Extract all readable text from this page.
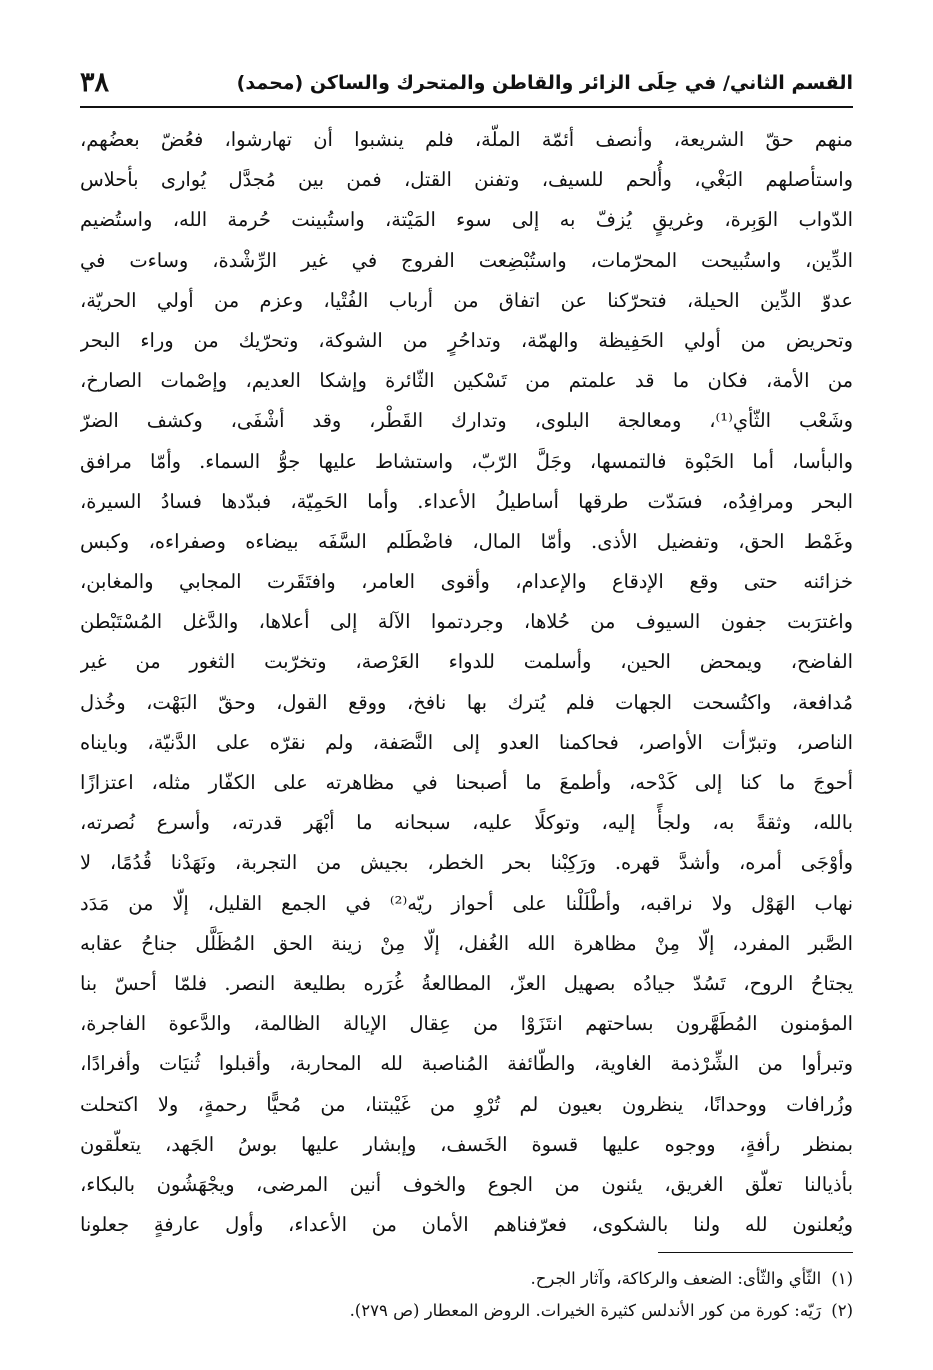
القسم الثاني/ في حِلَى الزائر والقاطن والمتحرك والساكن (محمد)
٣٨
منهم حقّ الشريعة، وأنصف أئمّة الملّة، فلم ينشبوا أن تهارشوا، فعُضّ بعضُهم،
واستأصلهم البَغْي، وأُلحم للسيف، وتفنن القتل، فمن بين مُجدَّل يُوارى بأحلاس
الدّواب الوَبِرة، وغريقٍ يُزفّ به إلى سوء المَيْتة، واستُبينت حُرمة الله، واستُضيم
الدِّين، واستُبيحت المحرّمات، واستُبْضِعت الفروج في غير الرِّشْدة، وساءت في
عدوّ الدِّين الحيلة، فتحرّكنا عن اتفاق من أرباب الفُتْيا، وعزم من أولي الحريّة،
وتحريض من أولي الحَفِيظة والهمّة، وتداحُرٍ من الشوكة، وتحرّيك من وراء البحر
من الأمة، فكان ما قد علمتم من تَسْكين الثّائرة وإشكا العديم، وإصْمات الصارخ،
وشَعْب الثّأي⁽¹⁾، ومعالجة البلوى، وتدارك القَطْر، وقد أشْفَى، وكشف الضرّ
والبأسا، أما الحَبْوة فالتمسها، وجَلَّ الرّبّ، واستشاط عليها جوُّ السماء. وأمّا مرافق
البحر ومرافِدُه، فسَدّت طرقها أساطيلُ الأعداء. وأما الحَمِيّة، فبدّدها فسادُ السيرة،
وغَمْط الحق، وتفضيل الأذى. وأمّا المال، فاضْطَلم السَّفَه بيضاءه وصفراءه، وكبس
خزائنه حتى وقع الإدقاع والإعدام، وأقوى العامر، وافتَقَرت المجابي والمغابن،
واغترَبت جفون السيوف من حُلاها، وجردتموا الآلة إلى أعلاها، والدَّغل المُسْتَبْطن
الفاضح، ويمحض الحين، وأسلمت للدواء العَرْصة، وتخرّبت الثغور من غير
مُدافعة، واكتُسحت الجهات فلم يُترك بها نافخ، ووقع القول، وحقّ البَهْت، وخُذل
الناصر، وتبرّأت الأواصر، فحاكمنا العدو إلى النَّصَفة، ولم نقرّه على الدَّنيّة، وبايناه
أحوجَ ما كنا إلى كَدْحه، وأطمعَ ما أصبحنا في مظاهرته على الكفّار مثله، اعتزازًا
بالله، وثقةً به، ولجأً إليه، وتوكلًا عليه، سبحانه ما أبْهَر قدرته، وأسرع نُصرته،
وأوْجَى أمره، وأشدَّ قهره. ورَكِبْنا بحر الخطر، بجيش من التجربة، ونَهَدْنا قُدُمًا، لا
نهاب الهَوْل ولا نراقبه، وأطْلَلْنا على أحواز ريّه⁽²⁾ في الجمع القليل، إلّا من مَدَد
الصَّبر المفرد، إلّا مِنْ مظاهرة الله الغُفل، إلّا مِنْ زينة الحق المُظَلَّل جناحُ عقابه
يجتاحُ الروح، تَسُدّ جيادُه بصهيل العزّ، المطالعةُ غُرَره بطليعة النصر. فلمّا أحسّ بنا
المؤمنون المُطَهَّرون بساحتهم انتَزَوْا من عِقال الإيالة الظالمة، والدَّعوة الفاجرة،
وتبرأوا من الشِّرْذمة الغاوية، والطّائفة المُناصبة لله المحاربة، وأقبلوا ثُنيَات وأفرادًا،
وزُرافات ووحدانًا، ينظرون بعيون لم تُرْوِ من غَيْبتنا، من مُحيًّا رحمةٍ، ولا اكتحلت
بمنظر رأفةٍ، ووجوه عليها قسوة الخَسف، وإبشار عليها بوسُ الجَهد، يتعلّقون
بأذيالنا تعلّق الغريق، يئنون من الجوع والخوف أنين المرضى، ويجْهَشُون بالبكاء،
ويُعلنون لله ولنا بالشكوى، فعرّفناهم الأمان من الأعداء، وأول عارفةٍ جعلونا
(١)الثّأي والثّأى: الضعف والركاكة، وآثار الجرح.
(٢)رَيّه: كورة من كور الأندلس كثيرة الخيرات. الروض المعطار (ص ٢٧٩).
